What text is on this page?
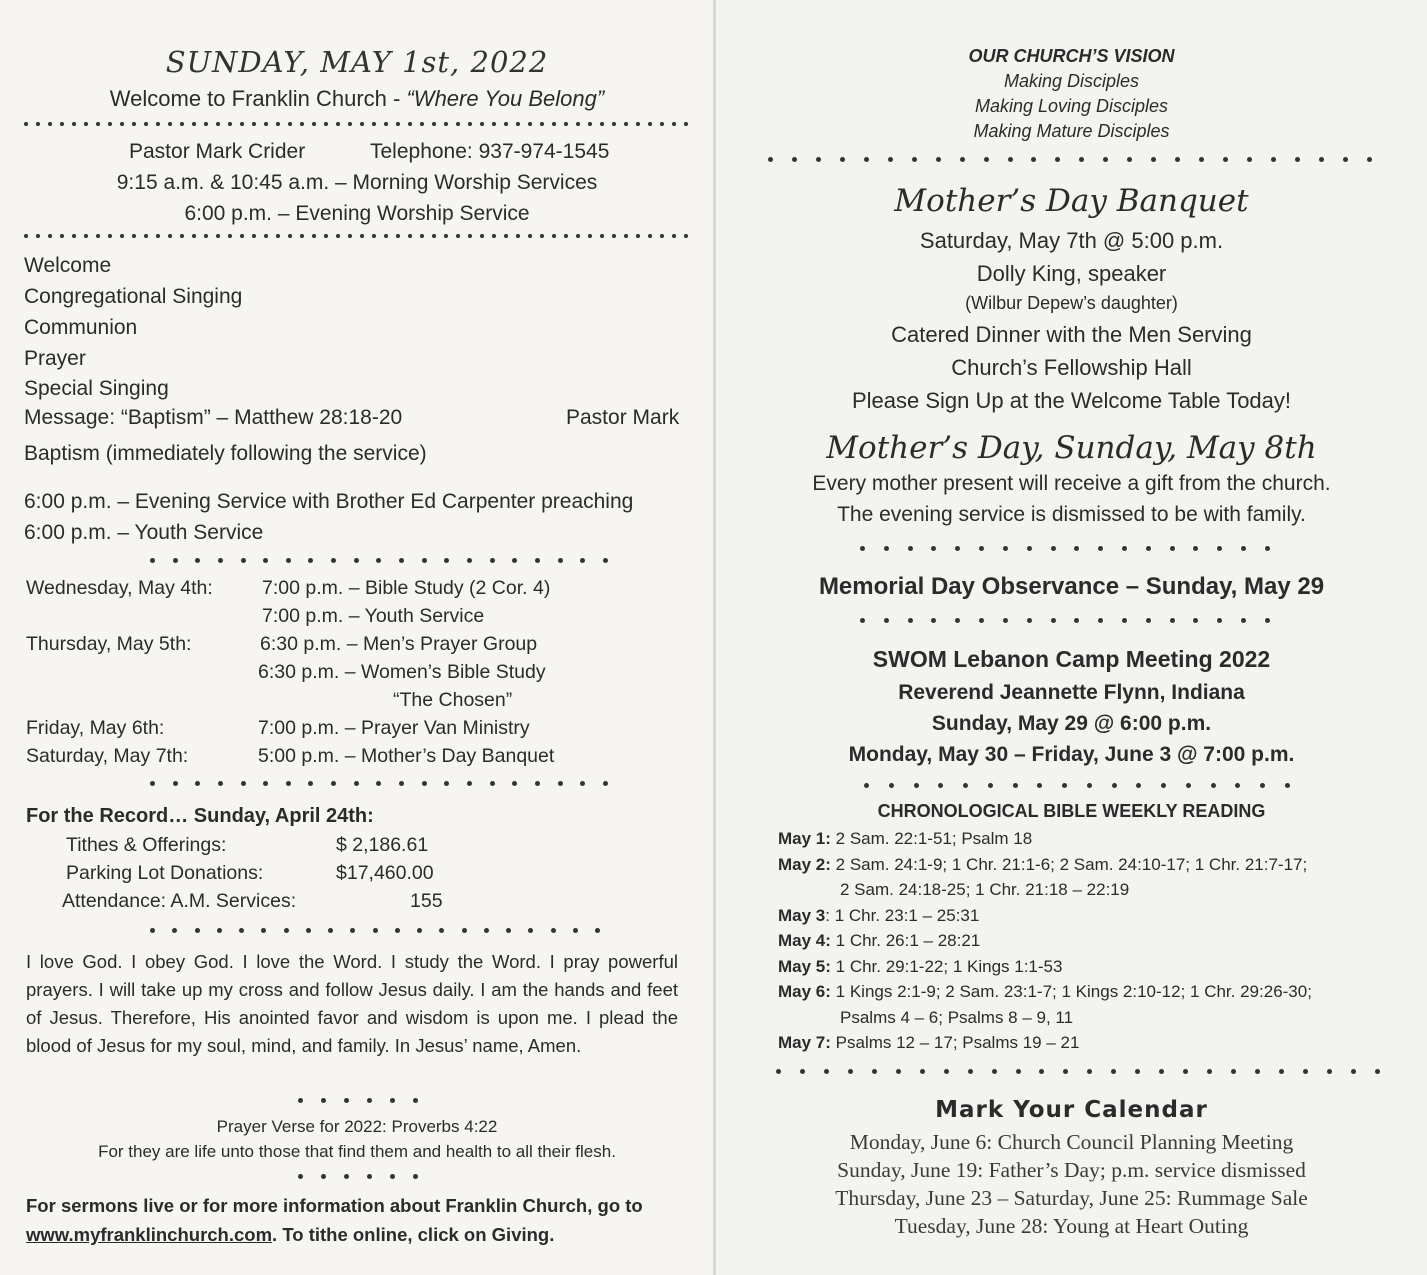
SUNDAY, MAY 1st, 2022
Welcome to Franklin Church - “Where You Belong”
Pastor Mark Crider	Telephone: 937-974-1545
9:15 a.m. & 10:45 a.m. – Morning Worship Services
6:00 p.m. – Evening Worship Service
Welcome
Congregational Singing
Communion
Prayer
Special Singing
Message: “Baptism” – Matthew 28:18-20	Pastor Mark
Baptism (immediately following the service)
6:00 p.m. – Evening Service with Brother Ed Carpenter preaching
6:00 p.m. – Youth Service
Wednesday, May 4th:	7:00 p.m. – Bible Study (2 Cor. 4)
7:00 p.m. – Youth Service
Thursday, May 5th:	6:30 p.m. – Men’s Prayer Group
6:30 p.m. – Women’s Bible Study
“The Chosen”
Friday, May 6th:	7:00 p.m. – Prayer Van Ministry
Saturday, May 7th:	5:00 p.m. – Mother’s Day Banquet
For the Record… Sunday, April 24th:
Tithes & Offerings:	$ 2,186.61
Parking Lot Donations:	$17,460.00
Attendance: A.M. Services:	155
I love God. I obey God. I love the Word. I study the Word. I pray powerful prayers. I will take up my cross and follow Jesus daily. I am the hands and feet of Jesus. Therefore, His anointed favor and wisdom is upon me. I plead the blood of Jesus for my soul, mind, and family. In Jesus’ name, Amen.
Prayer Verse for 2022: Proverbs 4:22
For they are life unto those that find them and health to all their flesh.
For sermons live or for more information about Franklin Church, go to www.myfranklinchurch.com. To tithe online, click on Giving.
OUR CHURCH’S VISION
Making Disciples
Making Loving Disciples
Making Mature Disciples
Mother’s Day Banquet
Saturday, May 7th @ 5:00 p.m.
Dolly King, speaker
(Wilbur Depew’s daughter)
Catered Dinner with the Men Serving
Church’s Fellowship Hall
Please Sign Up at the Welcome Table Today!
Mother’s Day, Sunday, May 8th
Every mother present will receive a gift from the church.
The evening service is dismissed to be with family.
Memorial Day Observance – Sunday, May 29
SWOM Lebanon Camp Meeting 2022
Reverend Jeannette Flynn, Indiana
Sunday, May 29 @ 6:00 p.m.
Monday, May 30 – Friday, June 3 @ 7:00 p.m.
CHRONOLOGICAL BIBLE WEEKLY READING
May 1: 2 Sam. 22:1-51; Psalm 18
May 2: 2 Sam. 24:1-9; 1 Chr. 21:1-6; 2 Sam. 24:10-17; 1 Chr. 21:7-17;
2 Sam. 24:18-25; 1 Chr. 21:18 – 22:19
May 3: 1 Chr. 23:1 – 25:31
May 4: 1 Chr. 26:1 – 28:21
May 5: 1 Chr. 29:1-22; 1 Kings 1:1-53
May 6: 1 Kings 2:1-9; 2 Sam. 23:1-7; 1 Kings 2:10-12; 1 Chr. 29:26-30;
Psalms 4 – 6; Psalms 8 – 9, 11
May 7: Psalms 12 – 17; Psalms 19 – 21
Mark Your Calendar
Monday, June 6: Church Council Planning Meeting
Sunday, June 19: Father’s Day; p.m. service dismissed
Thursday, June 23 – Saturday, June 25: Rummage Sale
Tuesday, June 28: Young at Heart Outing
